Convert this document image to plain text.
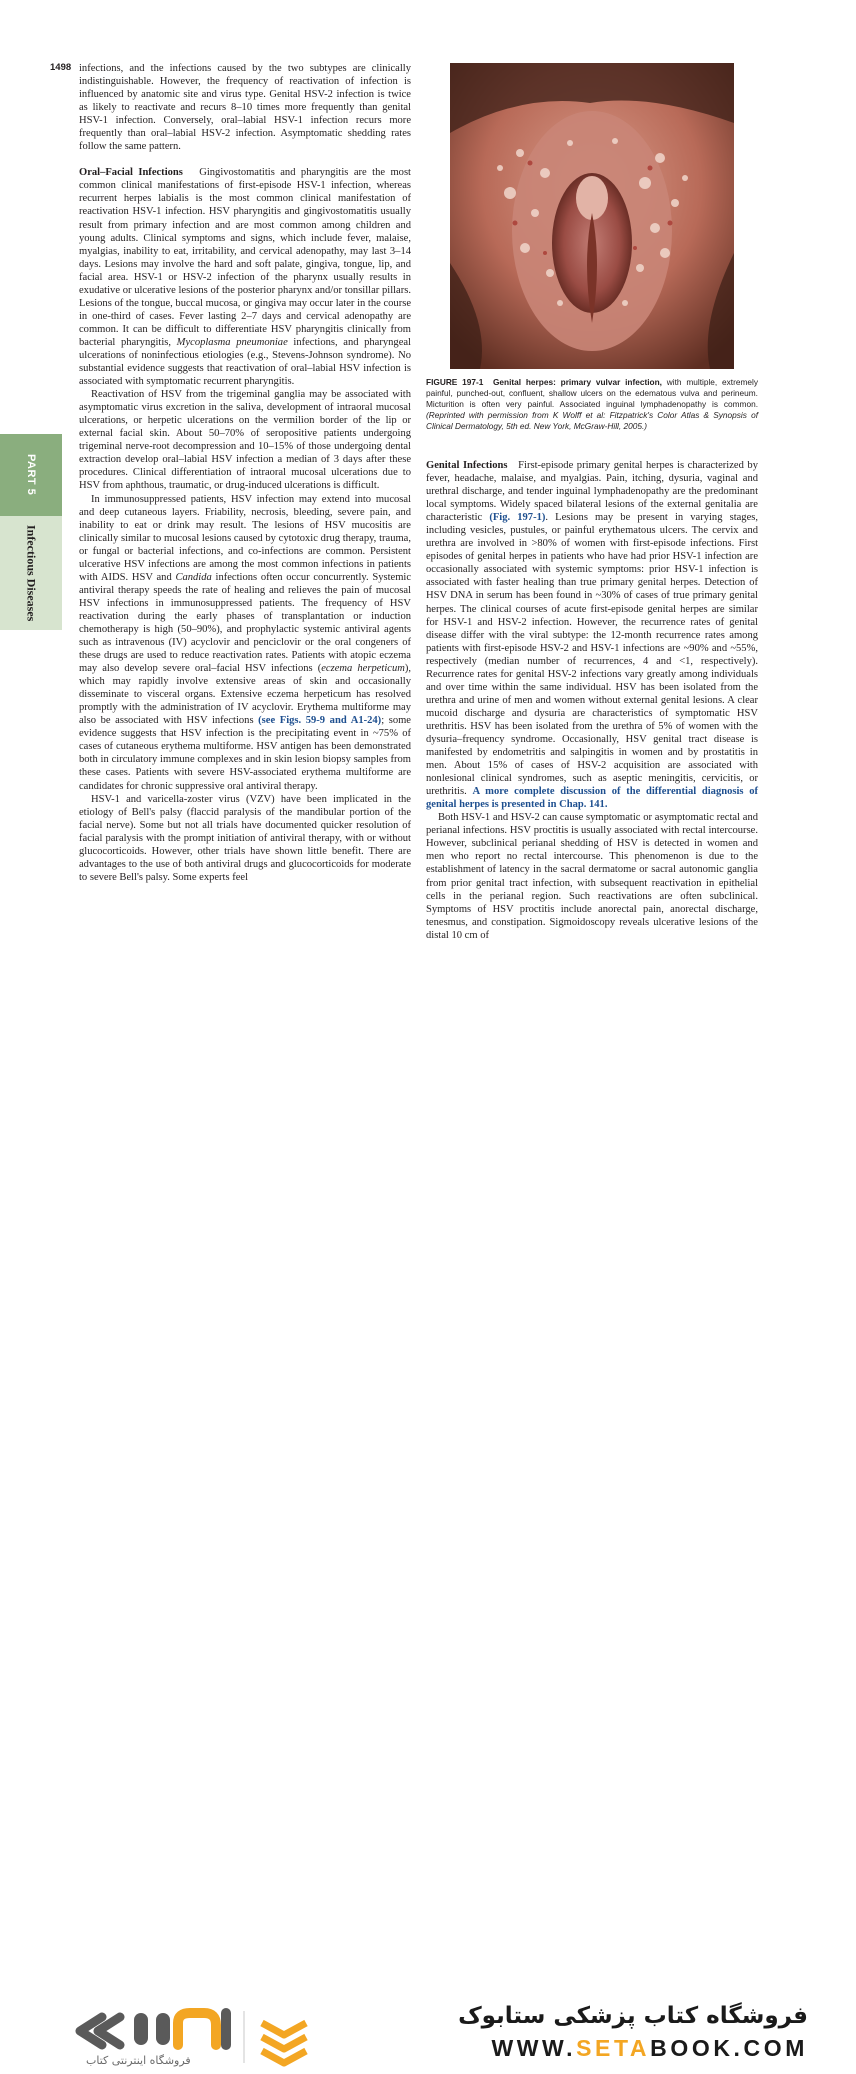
1498
PART 5
Infectious Diseases

infections, and the infections caused by the two subtypes are clinically indistinguishable. However, the frequency of reactivation of infection is influenced by anatomic site and virus type. Genital HSV-2 infection is twice as likely to reactivate and recurs 8–10 times more frequently than genital HSV-1 infection. Conversely, oral–labial HSV-1 infection recurs more frequently than oral–labial HSV-2 infection. Asymptomatic shedding rates follow the same pattern.

Oral–Facial Infections Gingivostomatitis and pharyngitis are the most common clinical manifestations of first-episode HSV-1 infection, whereas recurrent herpes labialis is the most common clinical manifestation of reactivation HSV-1 infection. HSV pharyngitis and gingivostomatitis usually result from primary infection and are most common among children and young adults. Clinical symptoms and signs, which include fever, malaise, myalgias, inability to eat, irritability, and cervical adenopathy, may last 3–14 days. Lesions may involve the hard and soft palate, gingiva, tongue, lip, and facial area. HSV-1 or HSV-2 infection of the pharynx usually results in exudative or ulcerative lesions of the posterior pharynx and/or tonsillar pillars. Lesions of the tongue, buccal mucosa, or gingiva may occur later in the course in one-third of cases. Fever lasting 2–7 days and cervical adenopathy are common. It can be difficult to differentiate HSV pharyngitis clinically from bacterial pharyngitis, Mycoplasma pneumoniae infections, and pharyngeal ulcerations of noninfectious etiologies (e.g., Stevens-Johnson syndrome). No substantial evidence suggests that reactivation of oral–labial HSV infection is associated with symptomatic recurrent pharyngitis.

Reactivation of HSV from the trigeminal ganglia may be associated with asymptomatic virus excretion in the saliva, development of intraoral mucosal ulcerations, or herpetic ulcerations on the vermilion border of the lip or external facial skin. About 50–70% of seropositive patients undergoing trigeminal nerve-root decompression and 10–15% of those undergoing dental extraction develop oral–labial HSV infection a median of 3 days after these procedures. Clinical differentiation of intraoral mucosal ulcerations due to HSV from aphthous, traumatic, or drug-induced ulcerations is difficult.

In immunosuppressed patients, HSV infection may extend into mucosal and deep cutaneous layers. Friability, necrosis, bleeding, severe pain, and inability to eat or drink may result. The lesions of HSV mucositis are clinically similar to mucosal lesions caused by cytotoxic drug therapy, trauma, or fungal or bacterial infections, and co-infections are common. Persistent ulcerative HSV infections are among the most common infections in patients with AIDS. HSV and Candida infections often occur concurrently. Systemic antiviral therapy speeds the rate of healing and relieves the pain of mucosal HSV infections in immunosuppressed patients. The frequency of HSV reactivation during the early phases of transplantation or induction chemotherapy is high (50–90%), and prophylactic systemic antiviral agents such as intravenous (IV) acyclovir and penciclovir or the oral congeners of these drugs are used to reduce reactivation rates. Patients with atopic eczema may also develop severe oral–facial HSV infections (eczema herpeticum), which may rapidly involve extensive areas of skin and occasionally disseminate to visceral organs. Extensive eczema herpeticum has resolved promptly with the administration of IV acyclovir. Erythema multiforme may also be associated with HSV infections (see Figs. 59-9 and A1-24); some evidence suggests that HSV infection is the precipitating event in ~75% of cases of cutaneous erythema multiforme. HSV antigen has been demonstrated both in circulatory immune complexes and in skin lesion biopsy samples from these cases. Patients with severe HSV-associated erythema multiforme are candidates for chronic suppressive oral antiviral therapy.

HSV-1 and varicella-zoster virus (VZV) have been implicated in the etiology of Bell's palsy (flaccid paralysis of the mandibular portion of the facial nerve). Some but not all trials have documented quicker resolution of facial paralysis with the prompt initiation of antiviral therapy, with or without glucocorticoids. However, other trials have shown little benefit. There are advantages to the use of both antiviral drugs and glucocorticoids for moderate to severe Bell's palsy. Some experts feel

FIGURE 197-1 Genital herpes: primary vulvar infection, with multiple, extremely painful, punched-out, confluent, shallow ulcers on the edematous vulva and perineum. Micturition is often very painful. Associated inguinal lymphadenopathy is common. (Reprinted with permission from K Wolff et al: Fitzpatrick's Color Atlas & Synopsis of Clinical Dermatology, 5th ed. New York, McGraw-Hill, 2005.)

Genital Infections First-episode primary genital herpes is characterized by fever, headache, malaise, and myalgias. Pain, itching, dysuria, vaginal and urethral discharge, and tender inguinal lymphadenopathy are the predominant local symptoms. Widely spaced bilateral lesions of the external genitalia are characteristic (Fig. 197-1). Lesions may be present in varying stages, including vesicles, pustules, or painful erythematous ulcers. The cervix and urethra are involved in >80% of women with first-episode infections. First episodes of genital herpes in patients who have had prior HSV-1 infection are occasionally associated with systemic symptoms: prior HSV-1 infection is associated with faster healing than true primary genital herpes. Detection of HSV DNA in serum has been found in ~30% of cases of true primary genital herpes. The clinical courses of acute first-episode genital herpes are similar for HSV-1 and HSV-2 infection. However, the recurrence rates of genital disease differ with the viral subtype: the 12-month recurrence rates among patients with first-episode HSV-2 and HSV-1 infections are ~90% and ~55%, respectively (median number of recurrences, 4 and <1, respectively). Recurrence rates for genital HSV-2 infections vary greatly among individuals and over time within the same individual. HSV has been isolated from the urethra and urine of men and women without external genital lesions. A clear mucoid discharge and dysuria are characteristics of symptomatic HSV urethritis. HSV has been isolated from the urethra of 5% of women with the dysuria–frequency syndrome. Occasionally, HSV genital tract disease is manifested by endometritis and salpingitis in women and by prostatitis in men. About 15% of cases of HSV-2 acquisition are associated with nonlesional clinical syndromes, such as aseptic meningitis, cervicitis, or urethritis. A more complete discussion of the differential diagnosis of genital herpes is presented in Chap. 141.

Both HSV-1 and HSV-2 can cause symptomatic or asymptomatic rectal and perianal infections. HSV proctitis is usually associated with rectal intercourse. However, subclinical perianal shedding of HSV is detected in women and men who report no rectal intercourse. This phenomenon is due to the establishment of latency in the sacral dermatome or sacral autonomic ganglia from prior genital tract infection, with subsequent reactivation in epithelial cells in the perianal region. Such reactivations are often subclinical. Symptoms of HSV proctitis include anorectal pain, anorectal discharge, tenesmus, and constipation. Sigmoidoscopy reveals ulcerative lesions of the distal 10 cm of

فروشگاه اینترنتی کتاب
فروشگاه کتاب پزشکی ستابوک
WWW.SETABOOK.COM
